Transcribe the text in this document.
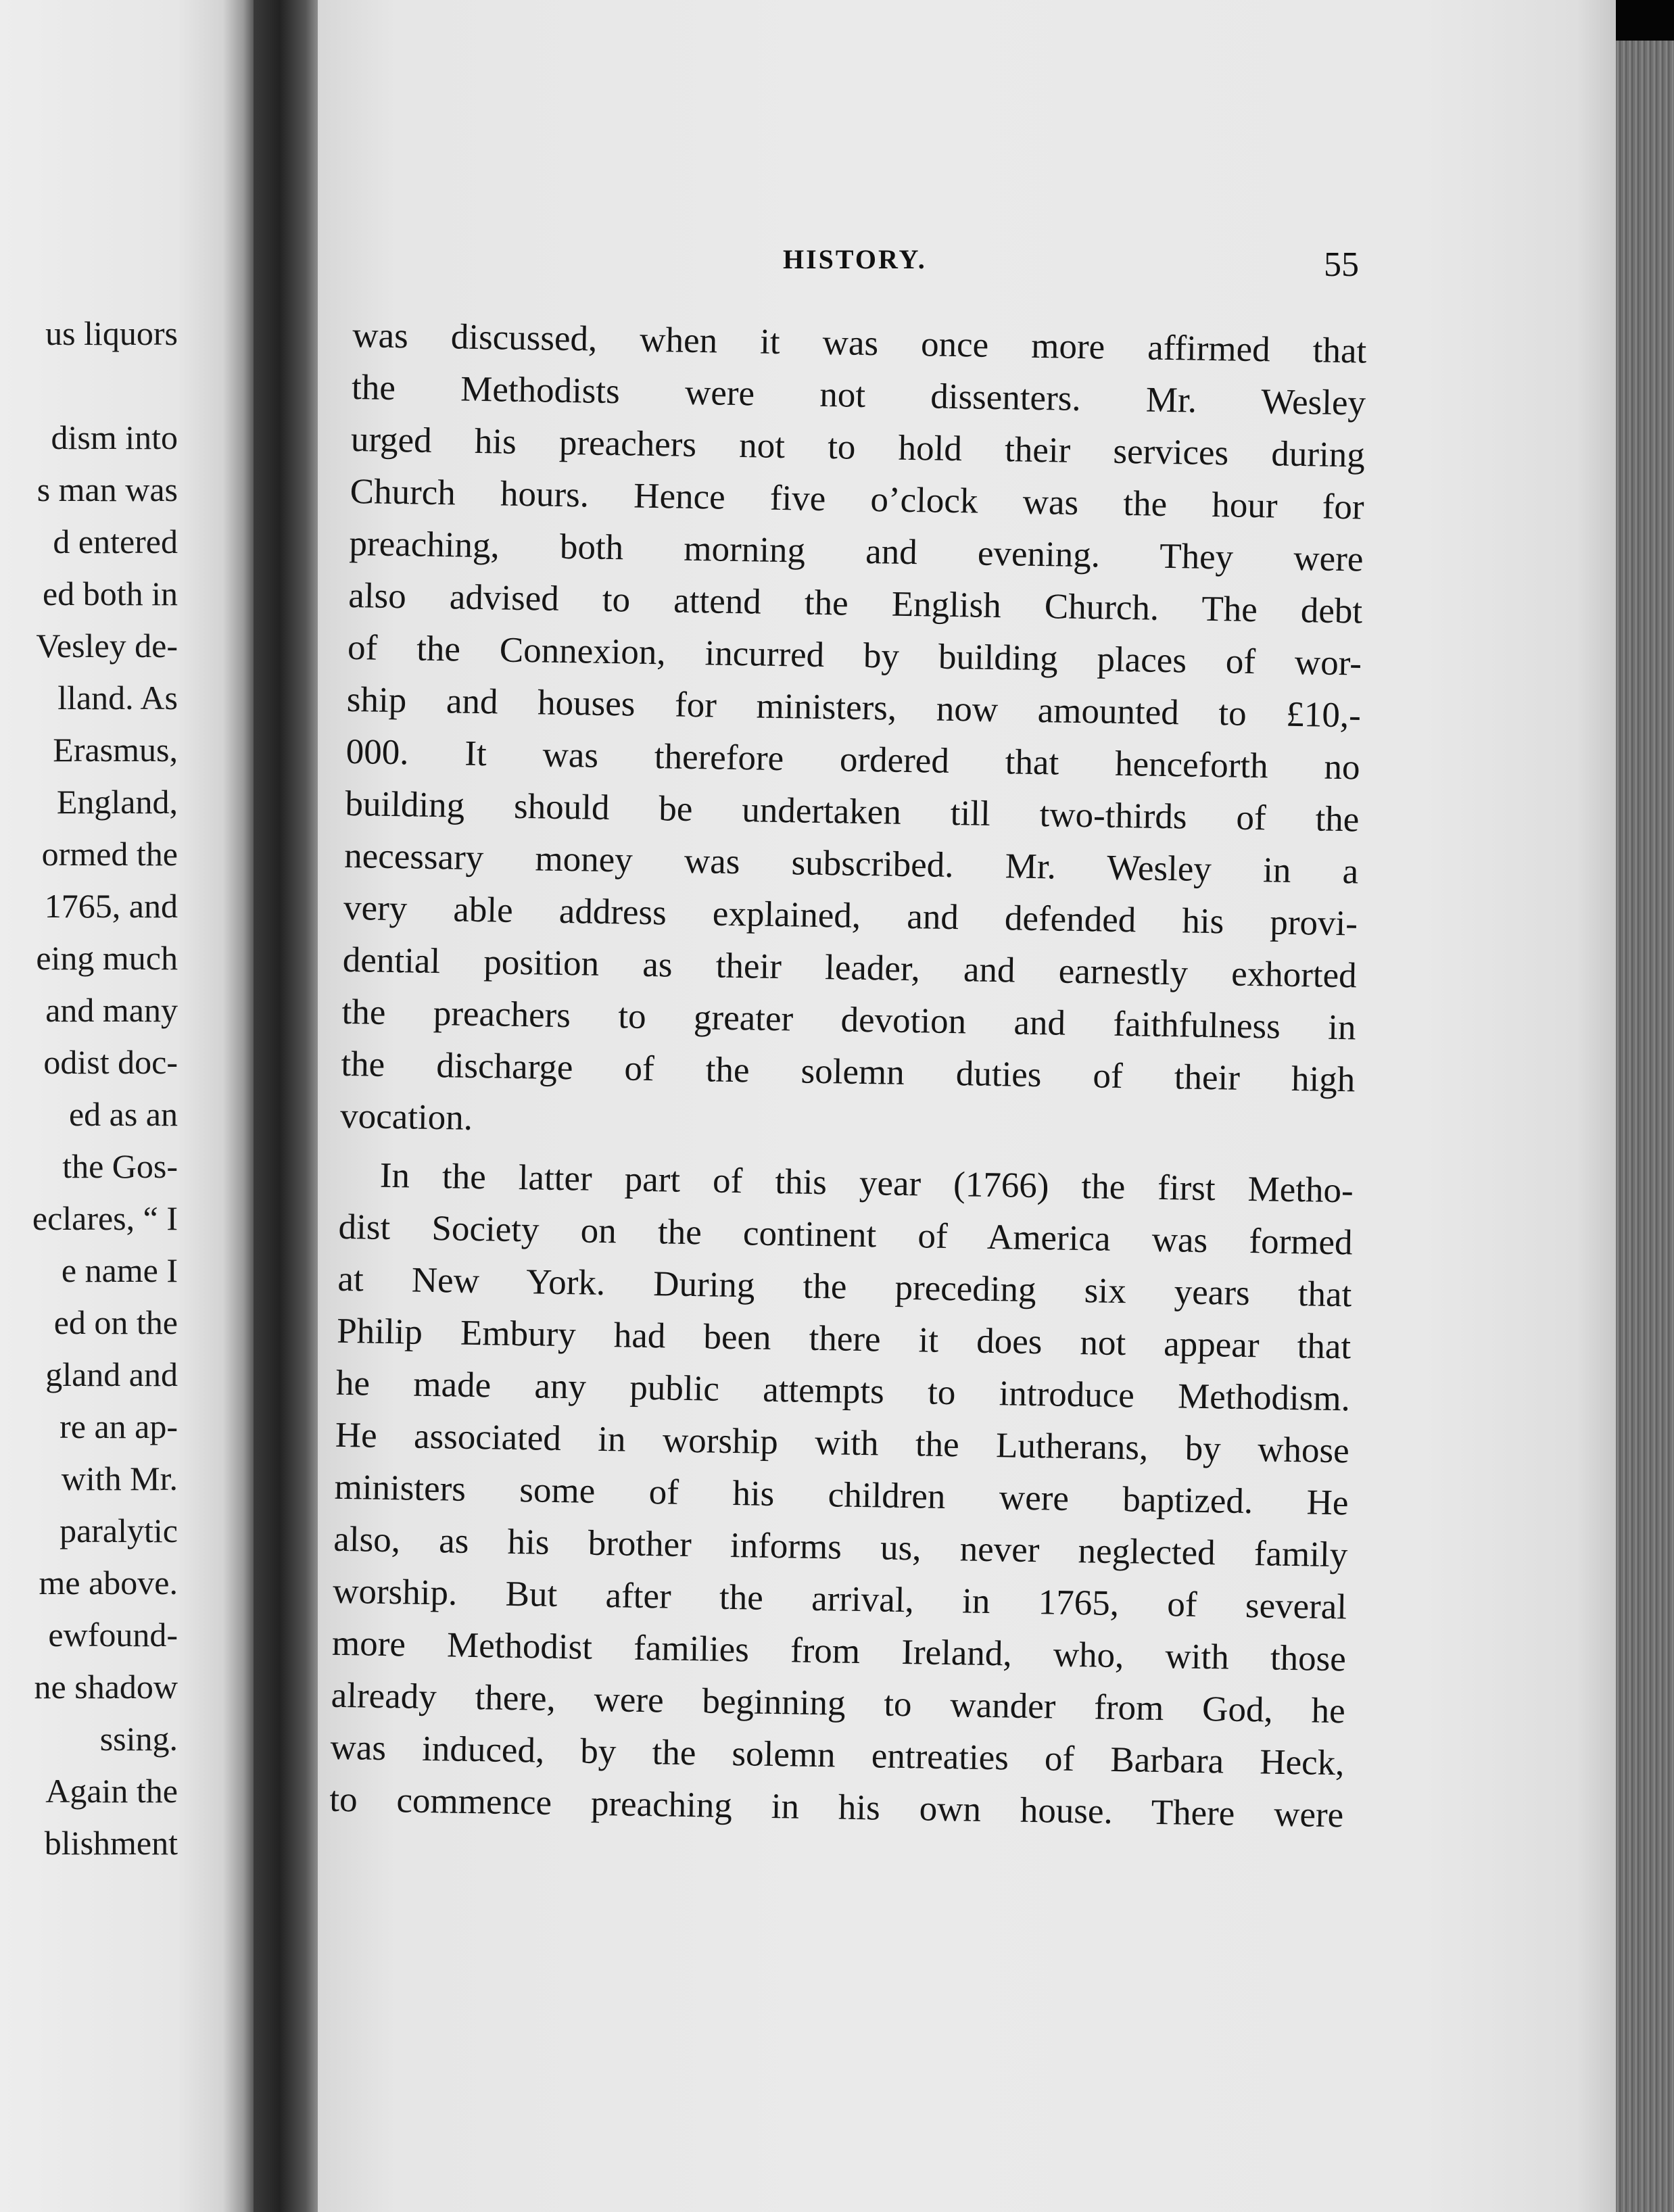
us liquors
dism into
s man was
d entered
ed both in
Vesley de-
lland. As
Erasmus,
England,
ormed the
1765, and
eing much
and many
odist doc-
ed as an
the Gos-
eclares, “ I
e name I
ed on the
gland and
re an ap-
with Mr.
paralytic
me above.
ewfound-
ne shadow
ssing.
Again the
blishment
HISTORY.	55
was discussed, when it was once more affirmed that
the Methodists were not dissenters. Mr. Wesley
urged his preachers not to hold their services during
Church hours. Hence five o’clock was the hour for
preaching, both morning and evening. They were
also advised to attend the English Church. The debt
of the Connexion, incurred by building places of wor-
ship and houses for ministers, now amounted to £10,-
000. It was therefore ordered that henceforth no
building should be undertaken till two-thirds of the
necessary money was subscribed. Mr. Wesley in a
very able address explained, and defended his provi-
dential position as their leader, and earnestly exhorted
the preachers to greater devotion and faithfulness in
the discharge of the solemn duties of their high
vocation.
In the latter part of this year (1766) the first Metho-
dist Society on the continent of America was formed
at New York. During the preceding six years that
Philip Embury had been there it does not appear that
he made any public attempts to introduce Methodism.
He associated in worship with the Lutherans, by whose
ministers some of his children were baptized. He
also, as his brother informs us, never neglected family
worship. But after the arrival, in 1765, of several
more Methodist families from Ireland, who, with those
already there, were beginning to wander from God, he
was induced, by the solemn entreaties of Barbara Heck,
to commence preaching in his own house. There were
